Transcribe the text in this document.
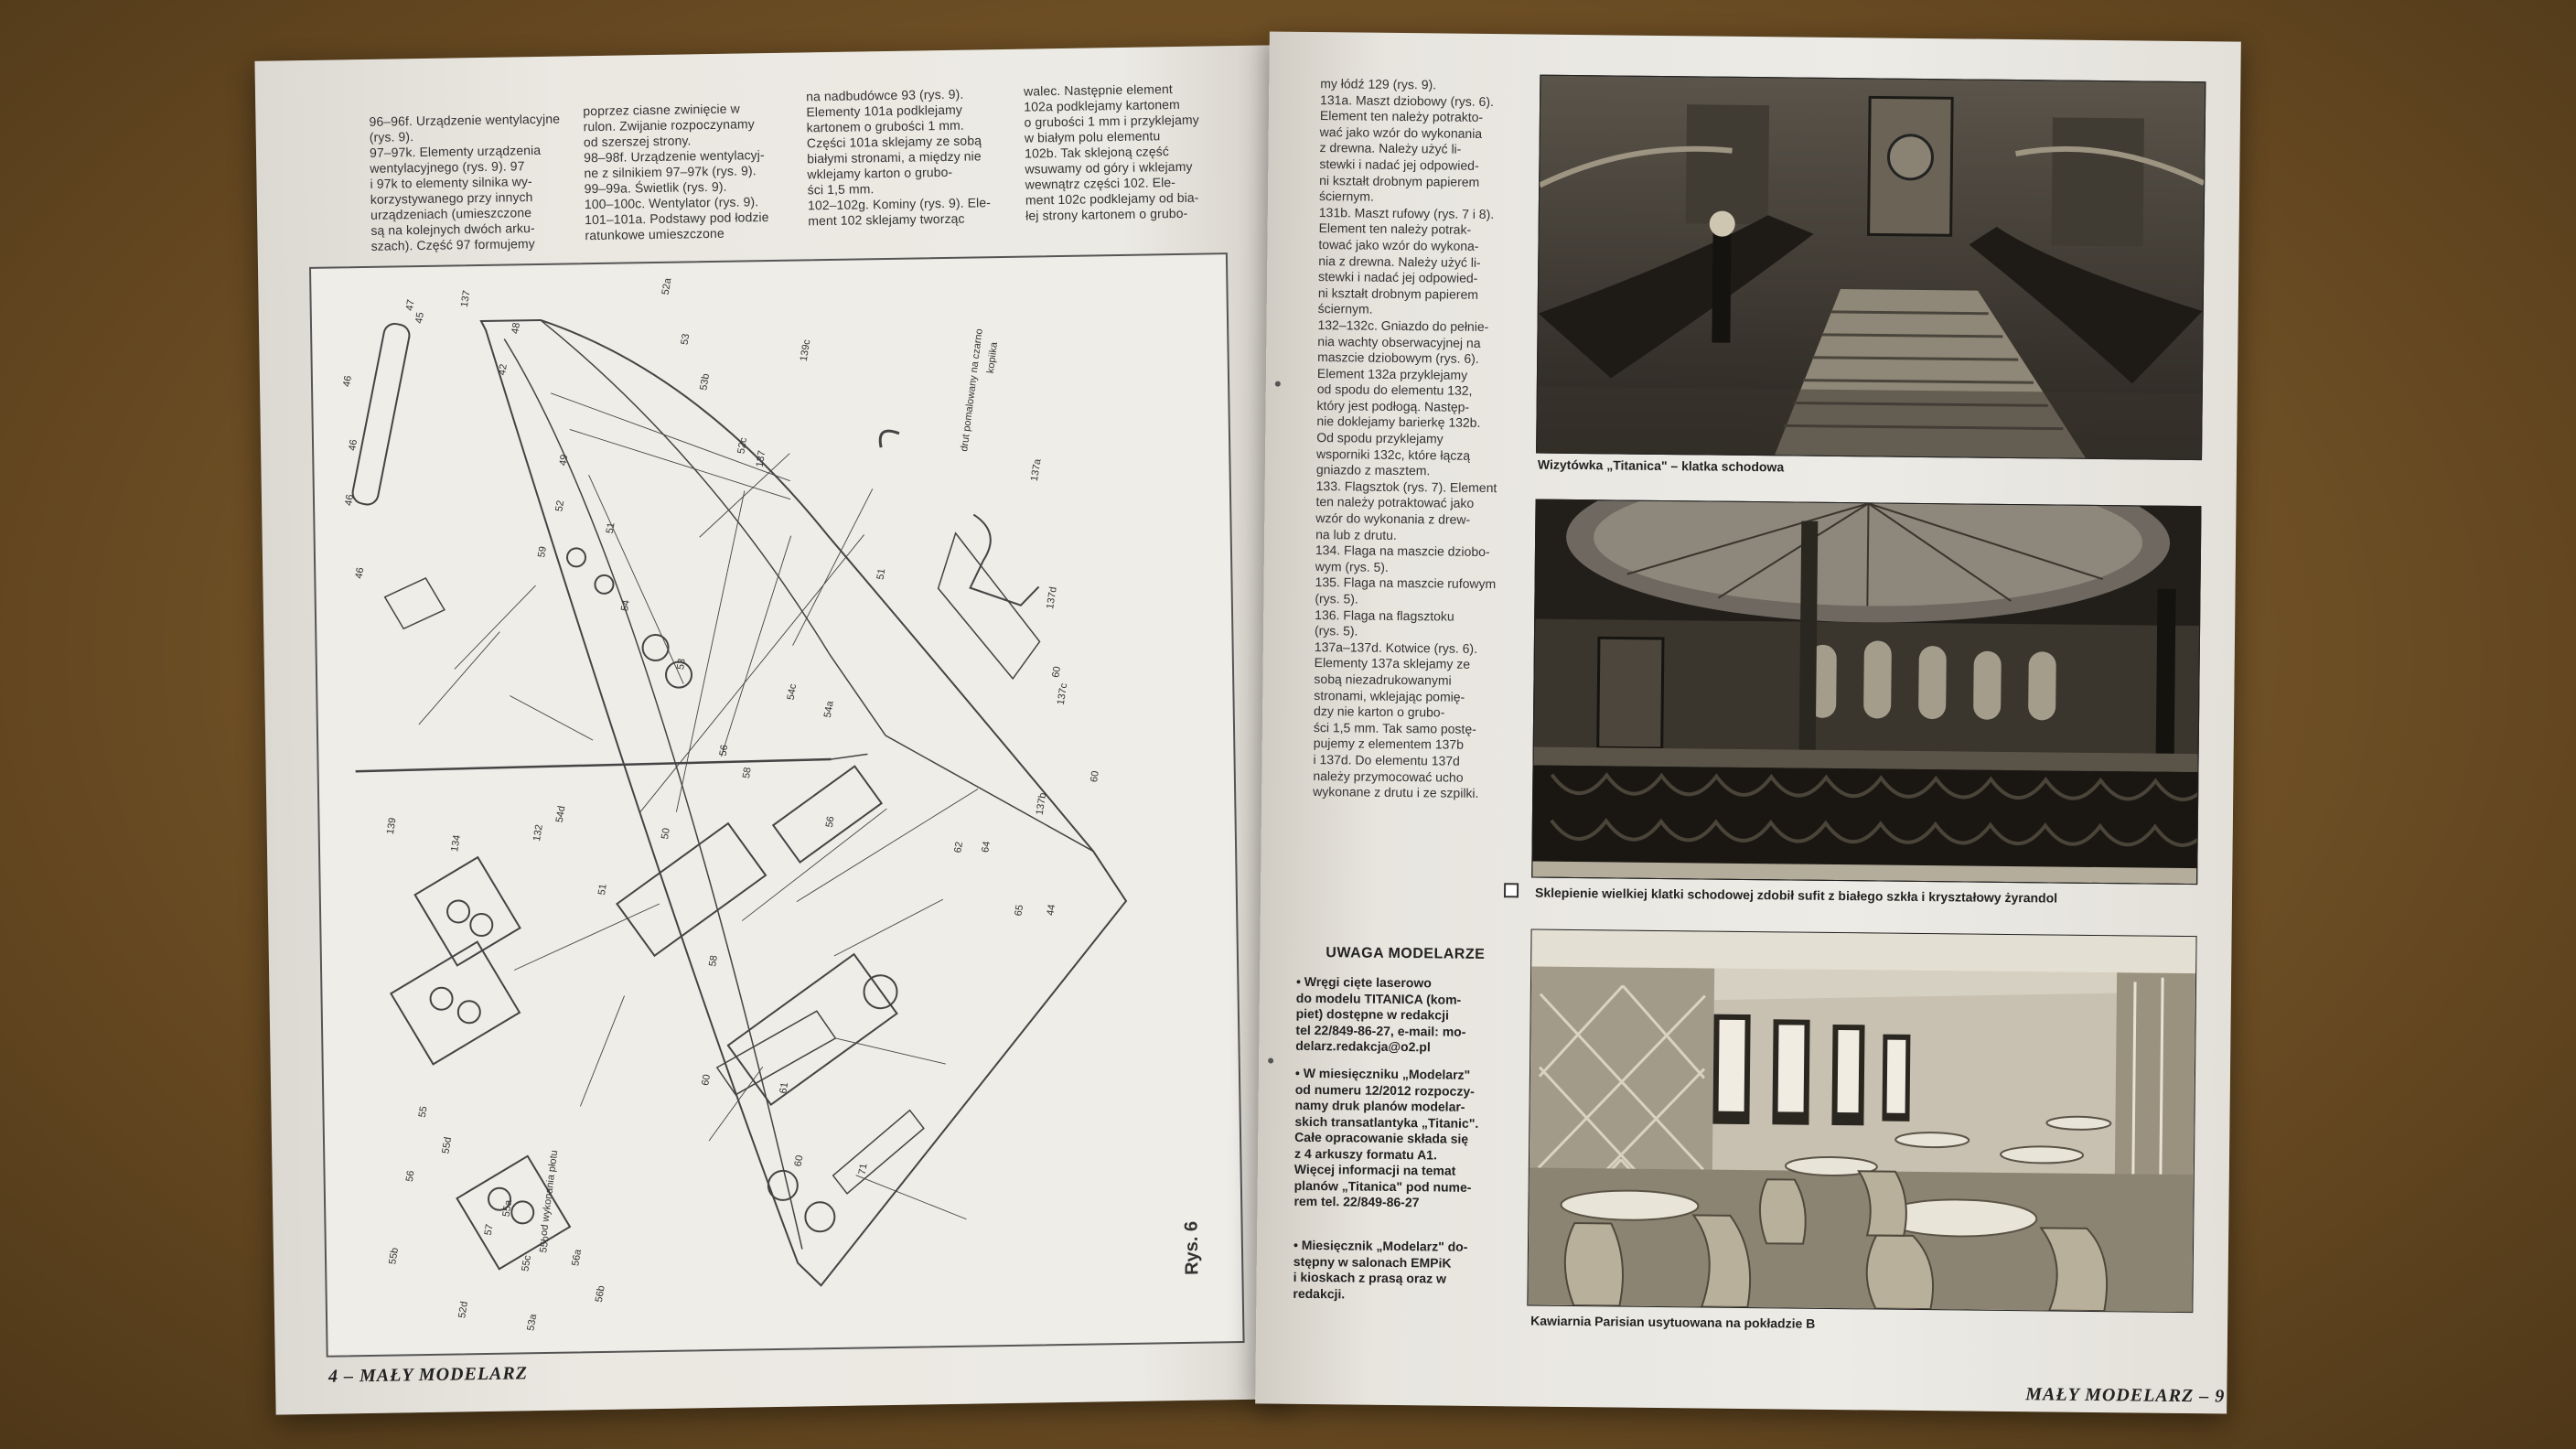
96–96f. Urządzenie wentylacyjne
(rys. 9).
97–97k. Elementy urządzenia
wentylacyjnego (rys. 9). 97
i 97k to elementy silnika wy-
korzystywanego przy innych
urządzeniach (umieszczone
są na kolejnych dwóch arku-
szach). Część 97 formujemy
poprzez ciasne zwinięcie w
rulon. Zwijanie rozpoczynamy
od szerszej strony.
98–98f. Urządzenie wentylacyj-
ne z silnikiem 97–97k (rys. 9).
99–99a. Świetlik (rys. 9).
100–100c. Wentylator (rys. 9).
101–101a. Podstawy pod łodzie
ratunkowe umieszczone
na nadbudówce 93 (rys. 9).
Elementy 101a podklejamy
kartonem o grubości 1 mm.
Części 101a sklejamy ze sobą
białymi stronami, a między nie
wklejamy karton o grubo-
ści 1,5 mm.
102–102g. Kominy (rys. 9). Ele-
ment 102 sklejamy tworząc
walec. Następnie element
102a podklejamy kartonem
o grubości 1 mm i przyklejamy
w białym polu elementu
102b. Tak sklejoną część
wsuwamy od góry i wklejamy
wewnątrz części 102. Ele-
ment 102c podklejamy od bia-
łej strony kartonem o grubo-
45
137
46
46
46
46
47
48
42
49
52a
53
53b
52c
139c
137
59
52
51
54
53
56
58
54c
54a
56
51
137a
137d
137c
137b
60
60
62
65 44
64
139
134
132
54d
51
50
58
60
61
60
71
55
55a
55c
55b
57
55d
55b
56
52d
53a
56a
56b
drut pomalowany na czarno kopiika
od wykonania płotu
Rys. 6
4 – MAŁY MODELARZ
my łódź 129 (rys. 9).
131a. Maszt dziobowy (rys. 6).
Element ten należy potrakto-
wać jako wzór do wykonania
z drewna. Należy użyć li-
stewki i nadać jej odpowied-
ni kształt drobnym papierem
ściernym.
131b. Maszt rufowy (rys. 7 i 8).
Element ten należy potrak-
tować jako wzór do wykona-
nia z drewna. Należy użyć li-
stewki i nadać jej odpowied-
ni kształt drobnym papierem
ściernym.
132–132c. Gniazdo do pełnie-
nia wachty obserwacyjnej na
maszcie dziobowym (rys. 6).
Element 132a przyklejamy
od spodu do elementu 132,
który jest podłogą. Następ-
nie doklejamy barierkę 132b.
Od spodu przyklejamy
wsporniki 132c, które łączą
gniazdo z masztem.
133. Flagsztok (rys. 7). Element
ten należy potraktować jako
wzór do wykonania z drew-
na lub z drutu.
134. Flaga na maszcie dziobo-
wym (rys. 5).
135. Flaga na maszcie rufowym
(rys. 5).
136. Flaga na flagsztoku
(rys. 5).
137a–137d. Kotwice (rys. 6).
Elementy 137a sklejamy ze
sobą niezadrukowanymi
stronami, wklejając pomię-
dzy nie karton o grubo-
ści 1,5 mm. Tak samo postę-
pujemy z elementem 137b
i 137d. Do elementu 137d
należy przymocować ucho
wykonane z drutu i ze szpilki.
UWAGA MODELARZE
• Wręgi cięte laserowo
do modelu TITANICA (kom-
piet) dostępne w redakcji
tel 22/849-86-27, e-mail: mo-
delarz.redakcja@o2.pl
• W miesięczniku „Modelarz"
od numeru 12/2012 rozpoczy-
namy druk planów modelar-
skich transatlantyka „Titanic".
Całe opracowanie składa się
z 4 arkuszy formatu A1.
Więcej informacji na temat
planów „Titanica" pod nume-
rem tel. 22/849-86-27
• Miesięcznik „Modelarz" do-
stępny w salonach EMPiK
i kioskach z prasą oraz w
redakcji.
Wizytówka „Titanica" – klatka schodowa
Sklepienie wielkiej klatki schodowej zdobił sufit z białego szkła i kryształowy żyrandol
Kawiarnia Parisian usytuowana na pokładzie B
MAŁY MODELARZ – 9
